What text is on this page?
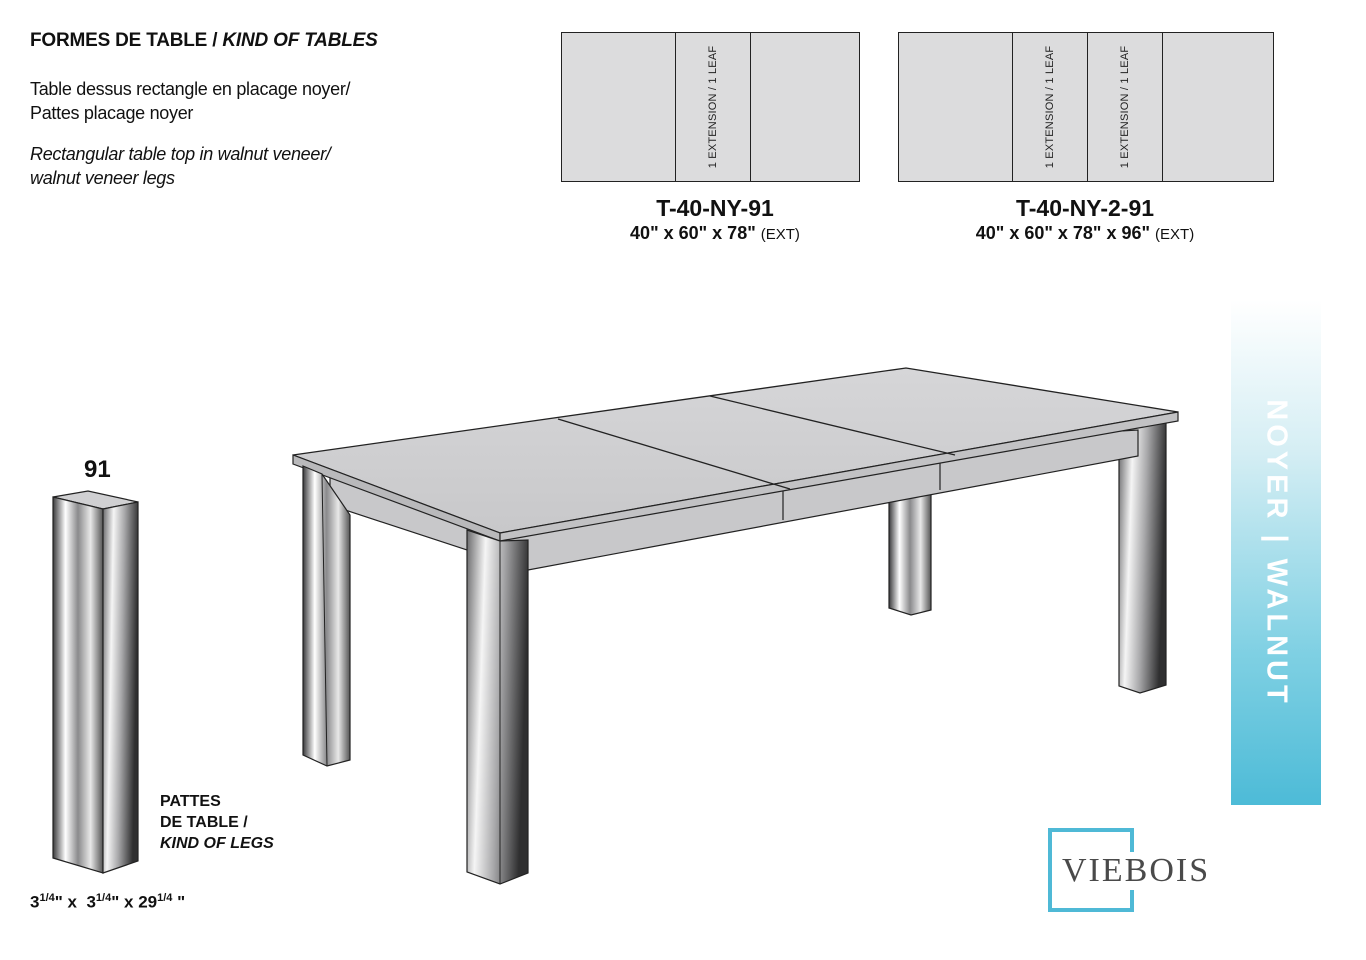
FORMES DE TABLE / KIND OF TABLES
Table dessus rectangle en placage noyer/
Pattes placage noyer
Rectangular table top in walnut veneer/
walnut veneer legs
1 EXTENSION / 1 LEAF
T-40-NY-91
40" x 60" x 78" (EXT)
1 EXTENSION / 1 LEAF	1 EXTENSION / 1 LEAF
T-40-NY-2-91
40" x 60" x 78" x 96" (EXT)
91
PATTES
DE TABLE /
KIND OF LEGS
$3^{1/4}$" x  $3^{1/4}$" x $29^{1/4}$ "
NOYER | WALNUT
VIEBOIS
